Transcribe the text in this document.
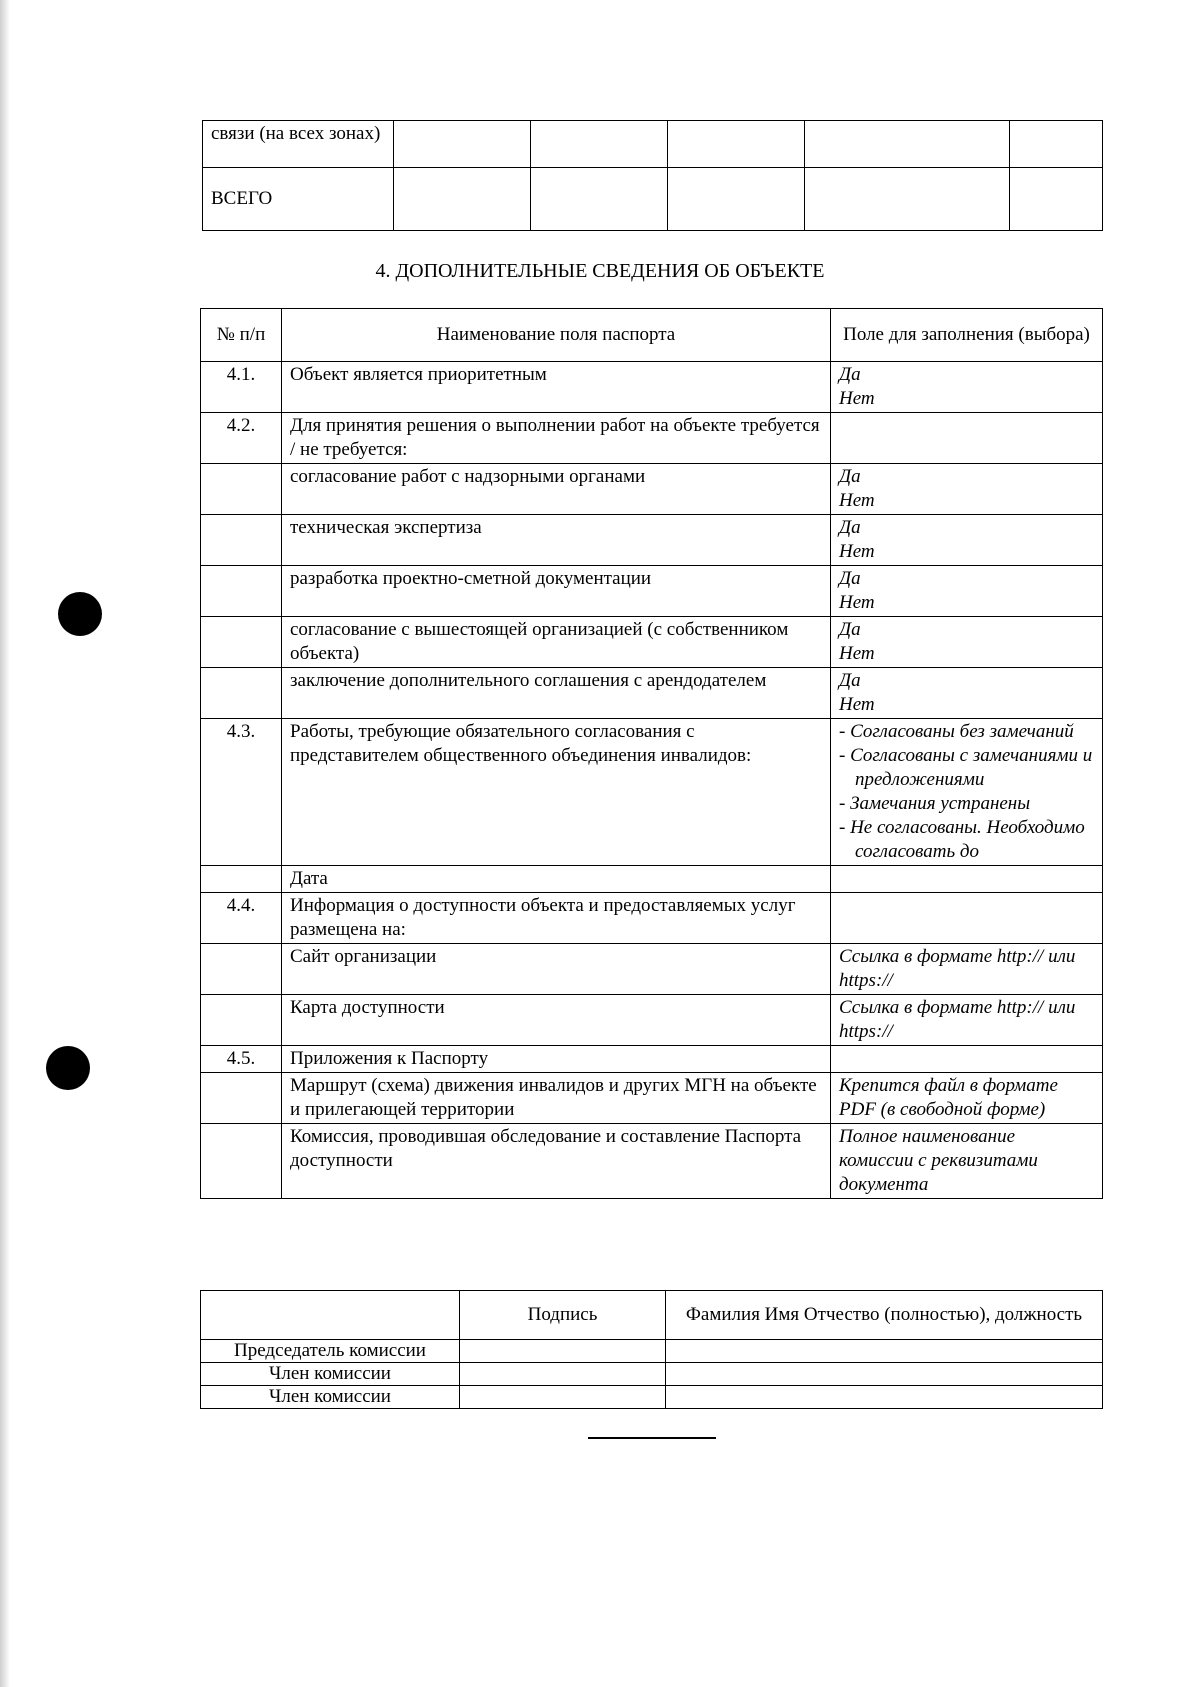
связи (на всех зонах)					
ВСЕГО					
4. ДОПОЛНИТЕЛЬНЫЕ СВЕДЕНИЯ ОБ ОБЪЕКТЕ
№ п/п	Наименование поля паспорта	Поле для заполнения (выбора)
4.1.	Объект является приоритетным	Да
Нет

4.2.	Для принятия решения о выполнении работ на объекте требуется / не требуется:	
	согласование работ с надзорными органами	Да
Нет

	техническая экспертиза	Да
Нет

	разработка проектно-сметной документации	Да
Нет

	согласование с вышестоящей организацией (с собственником объекта)	Да
Нет

	заключение дополнительного соглашения с арендодателем	Да
Нет

4.3.	Работы, требующие обязательного согласования с представителем общественного объединения инвалидов:	- Согласованы без замечаний
- Согласованы с замечаниями и предложениями
- Замечания устранены
- Не согласованы. Необходимо согласовать до

	Дата	
4.4.	Информация о доступности объекта и предоставляемых услуг размещена на:	
	Сайт организации	Ссылка в формате http:// или https://
	Карта доступности	Ссылка в формате http:// или https://
4.5.	Приложения к Паспорту	
	Маршрут (схема) движения инвалидов и других МГН на объекте и прилегающей территории	Крепится файл в формате PDF (в свободной форме)
	Комиссия, проводившая обследование и составление Паспорта доступности	Полное наименование комиссии с реквизитами документа
	Подпись	Фамилия Имя Отчество (полностью), должность
Председатель комиссии		
Член комиссии		
Член комиссии		
